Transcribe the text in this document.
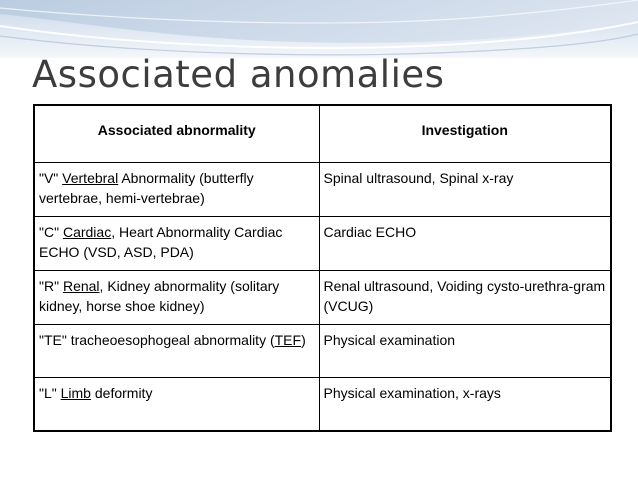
Associated anomalies
Associated abnormality	Investigation
"V" Vertebral Abnormality (butterfly vertebrae, hemi-vertebrae)	Spinal ultrasound, Spinal x-ray
"C" Cardiac, Heart Abnormality Cardiac ECHO (VSD, ASD, PDA)	Cardiac ECHO
"R" Renal, Kidney abnormality (solitary kidney, horse shoe kidney)	Renal ultrasound, Voiding cysto-urethra-gram (VCUG)
"TE" tracheoesophogeal abnormality (TEF)	Physical examination
"L" Limb deformity	Physical examination, x-rays
